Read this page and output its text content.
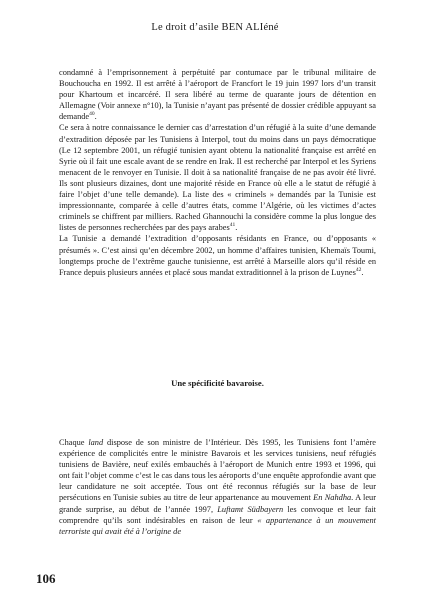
Le droit d’asile BEN ALIéné

condamné à l’emprisonnement à perpétuité par contumace par le tribunal militaire de Bouchoucha en 1992. Il est arrêté à l’aéroport de Francfort le 19 juin 1997 lors d’un transit pour Khartoum et incarcéré. Il sera libéré au terme de quarante jours de détention en Allemagne (Voir annexe n°10), la Tunisie n’ayant pas présenté de dossier crédible appuyant sa demande$^{40}$.

Ce sera à notre connaissance le dernier cas d’arrestation d’un réfugié à la suite d’une demande d’extradition déposée par les Tunisiens à Interpol, tout du moins dans un pays démocratique (Le 12 septembre 2001, un réfugié tunisien ayant obtenu la nationalité française est arrêté en Syrie où il fait une escale avant de se rendre en Irak. Il est recherché par Interpol et les Syriens menacent de le renvoyer en Tunisie. Il doit à sa nationalité française de ne pas avoir été livré. Ils sont plusieurs dizaines, dont une majorité réside en France où elle a le statut de réfugié à faire l’objet d’une telle demande). La liste des « criminels » demandés par la Tunisie est impressionnante, comparée à celle d’autres états, comme l’Algérie, où les victimes d’actes criminels se chiffrent par milliers. Rached Ghannouchi la considère comme la plus longue des listes de personnes recherchées par des pays arabes$^{41}$.

La Tunisie a demandé l’extradition d’opposants résidants en France, ou d’opposants « présumés ». C’est ainsi qu’en décembre 2002, un homme d’affaires tunisien, Khemaïs Toumi, longtemps proche de l’extrême gauche tunisienne, est arrêté à Marseille alors qu’il réside en France depuis plusieurs années et placé sous mandat extraditionnel à la prison de Luynes$^{42}$.

Une spécificité bavaroise.

Chaque land dispose de son ministre de l’Intérieur. Dès 1995, les Tunisiens font l’amère expérience de complicités entre le ministre Bavarois et les services tunisiens, neuf réfugiés tunisiens de Bavière, neuf exilés embauchés à l’aéroport de Munich entre 1993 et 1996, qui ont fait l’objet comme c’est le cas dans tous les aéroports d’une enquête approfondie avant que leur candidature ne soit acceptée. Tous ont été reconnus réfugiés sur la base de leur persécutions en Tunisie subies au titre de leur appartenance au mouvement En Nahdha. A leur grande surprise, au début de l’année 1997, Luftamt Südbayern les convoque et leur fait comprendre qu’ils sont indésirables en raison de leur « appartenance à un mouvement terroriste qui avait été à l’origine de

106
